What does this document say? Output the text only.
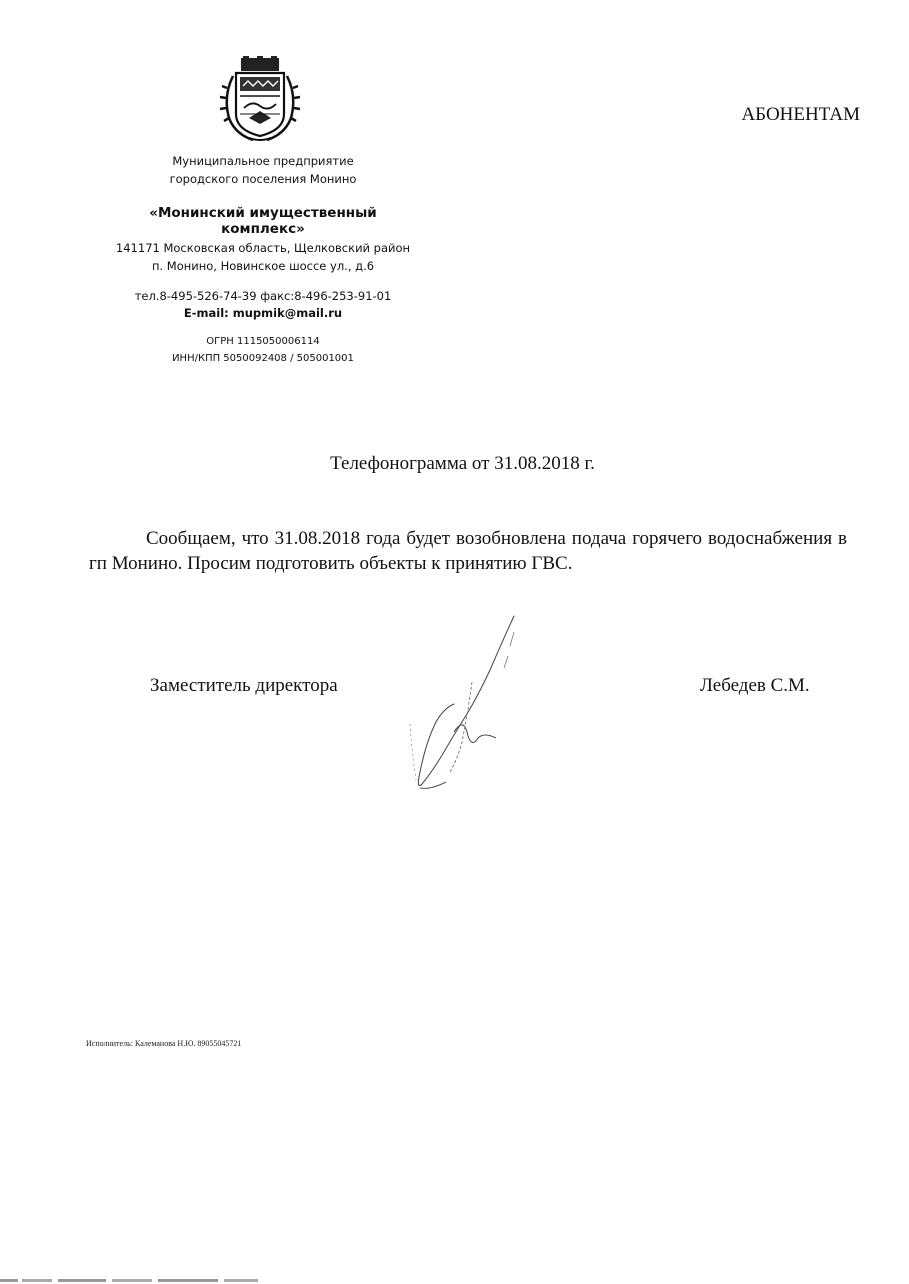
Муниципальное предприятие
городского поселения Монино
«Монинский имущественный комплекс»
141171 Московская область, Щелковский район
п. Монино, Новинское шоссе ул., д.6
тел.8-495-526-74-39 факс:8-496-253-91-01
E-mail: mupmik@mail.ru
ОГРН 1115050006114
ИНН/КПП 5050092408 / 505001001
АБОНЕНТАМ
Телефонограмма от 31.08.2018 г.
Сообщаем, что 31.08.2018 года будет возобновлена подача горячего водоснабжения в гп Монино. Просим подготовить объекты к принятию ГВС.
Заместитель директора	Лебедев С.М.
Исполнитель: Калеманова Н.Ю. 89055045721
